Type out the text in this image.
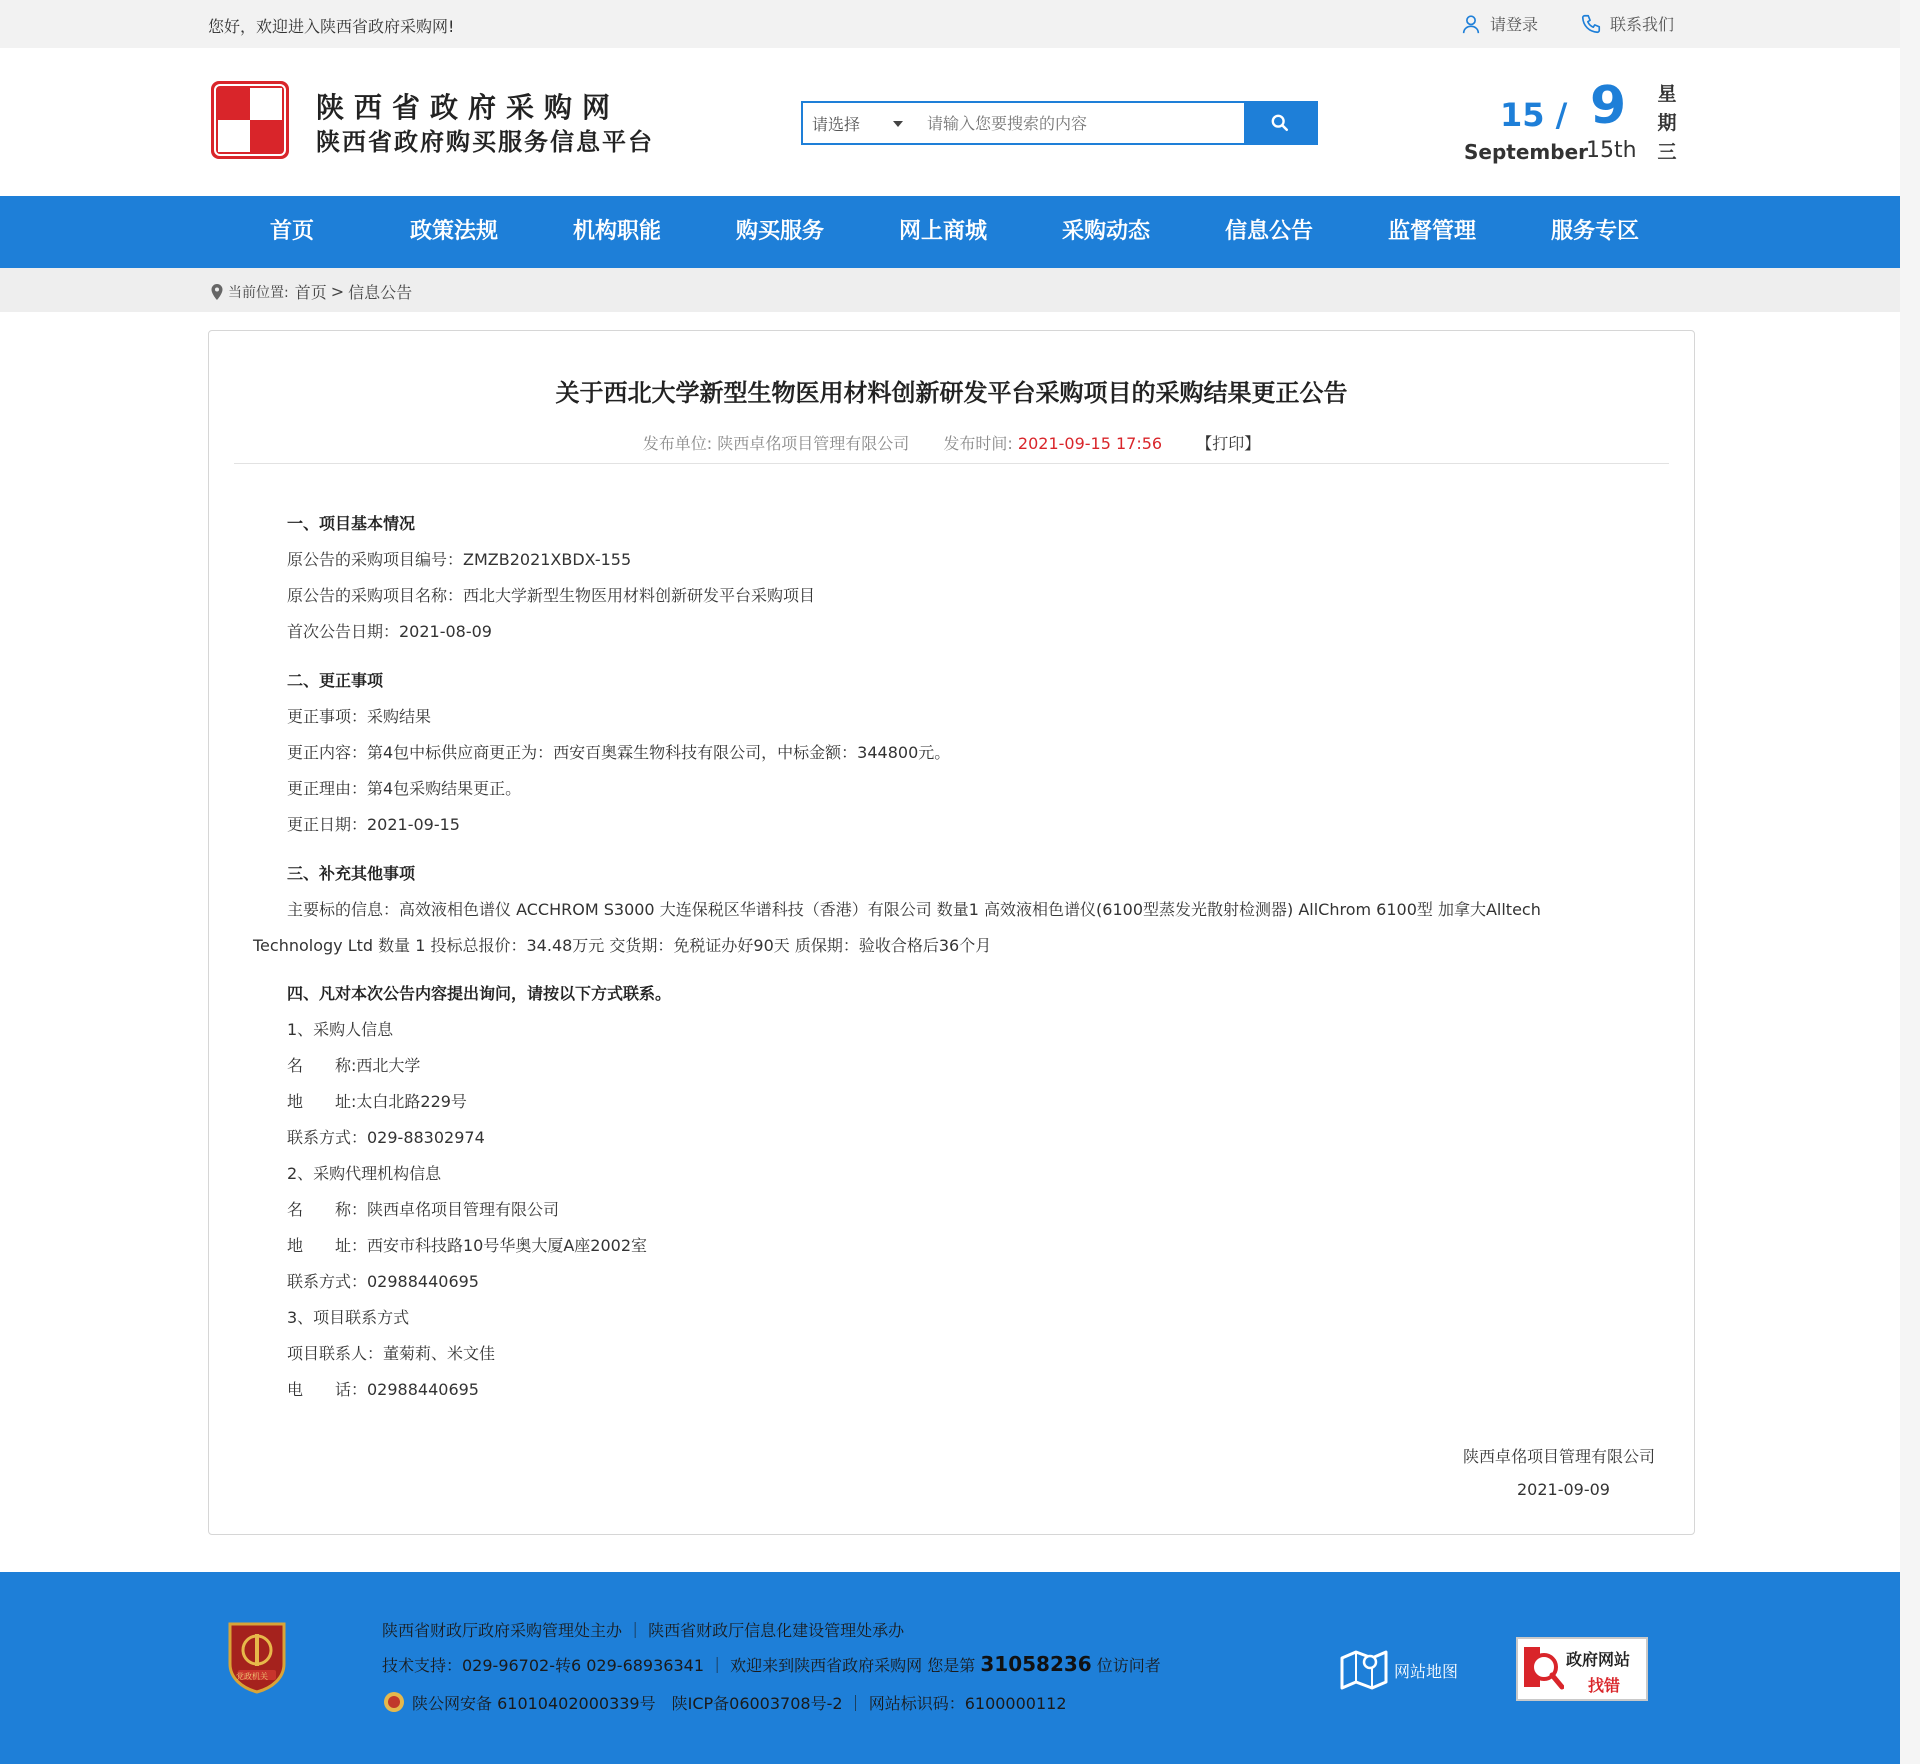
您好，欢迎进入陕西省政府采购网!	请登录	联系我们
陕西省政府采购网
陕西省政府购买服务信息平台
请选择
请输入您要搜索的内容	15 / 9
September
15th
星期三
首页	政策法规	机构职能	购买服务	网上商城	采购动态	信息公告	监督管理	服务专区
当前位置: 首页 > 信息公告
关于西北大学新型生物医用材料创新研发平台采购项目的采购结果更正公告
发布单位: 陕西卓佲项目管理有限公司 发布时间: 2021-09-15 17:56 【打印】
一、项目基本情况
原公告的采购项目编号：ZMZB2021XBDX-155
原公告的采购项目名称：西北大学新型生物医用材料创新研发平台采购项目
首次公告日期：2021-08-09
二、更正事项
更正事项：采购结果
更正内容：第4包中标供应商更正为：西安百奥霖生物科技有限公司，中标金额：344800元。
更正理由：第4包采购结果更正。
更正日期：2021-09-15
三、补充其他事项
主要标的信息：高效液相色谱仪 ACCHROM S3000 大连保税区华谱科技（香港）有限公司 数量1 高效液相色谱仪(6100型蒸发光散射检测器) AllChrom 6100型 加拿大Alltech
Technology Ltd 数量 1 投标总报价：34.48万元 交货期：免税证办好90天 质保期：验收合格后36个月
四、凡对本次公告内容提出询问，请按以下方式联系。
1、采购人信息
名　　称:西北大学
地　　址:太白北路229号
联系方式：029-88302974
2、采购代理机构信息
名　　称：陕西卓佲项目管理有限公司
地　　址：西安市科技路10号华奥大厦A座2002室
联系方式：02988440695
3、项目联系方式
项目联系人：董菊莉、米文佳
电　　话：02988440695
陕西卓佲项目管理有限公司
2021-09-09
党政机关
陕西省财政厅政府采购管理处主办 ｜ 陕西省财政厅信息化建设管理处承办
技术支持：029-96702-转6 029-68936341 ｜ 欢迎来到陕西省政府采购网 您是第 31058236 位访问者
陕公网安备 61010402000339号　陕ICP备06003708号-2 ｜ 网站标识码：6100000112
网站地图
政府网站
找错
